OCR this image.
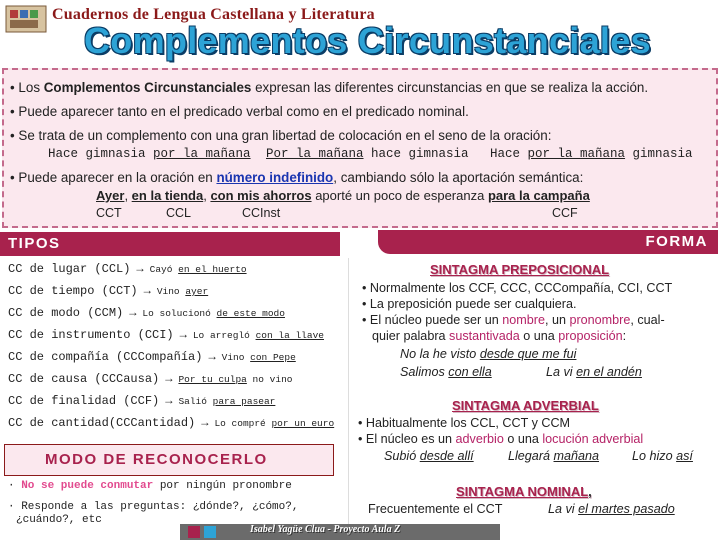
Cuadernos de Lengua Castellana y Literatura
Complementos Circunstanciales
• Los Complementos Circunstanciales expresan las diferentes circunstancias en que se realiza la acción.
• Puede aparecer tanto en el predicado verbal como en el predicado nominal.
• Se trata de un complemento con una gran libertad de colocación en el seno de la oración:
Hace gimnasia por la mañana Por la mañana hace gimnasia Hace por la mañana gimnasia
• Puede aparecer en la oración en número indefinido, cambiando sólo la aportación semántica:
Ayer, en la tienda, con mis ahorros aporté un poco de esperanza para la campaña
CCT	CCL	CCInst	CCF
TIPOS	FORMA
CC de lugar (CCL) → Cayó en el huerto
CC de tiempo (CCT) → Vino ayer
CC de modo (CCM) → Lo solucionó de este modo
CC de instrumento (CCI) → Lo arregló con la llave
CC de compañía (CCCompañía) → Vino con Pepe
CC de causa (CCCausa) → Por tu culpa no vino
CC de finalidad (CCF) → Salió para pasear
CC de cantidad(CCCantidad) → Lo compré por un euro
MODO DE RECONOCERLO
· No se puede conmutar por ningún pronombre
· Responde a las preguntas: ¿dónde?, ¿cómo?,
¿cuándo?, etc
SINTAGMA PREPOSICIONAL
• Normalmente los CCF, CCC, CCCompañía, CCI, CCT
• La preposición puede ser cualquiera.
• El núcleo puede ser un nombre, un pronombre, cual-
quier palabra sustantivada o una proposición:
No la he visto desde que me fui
Salimos con ella	La vi en el andén
SINTAGMA ADVERBIAL
• Habitualmente los CCL, CCT y CCM
• El núcleo es un adverbio o una locución adverbial
Subió desde allí	Llegará mañana	Lo hizo así
SINTAGMA NOMINAL,
Frecuentemente el CCT	La vi el martes pasado
Isabel Yagüe Clua - Proyecto Aula Z
